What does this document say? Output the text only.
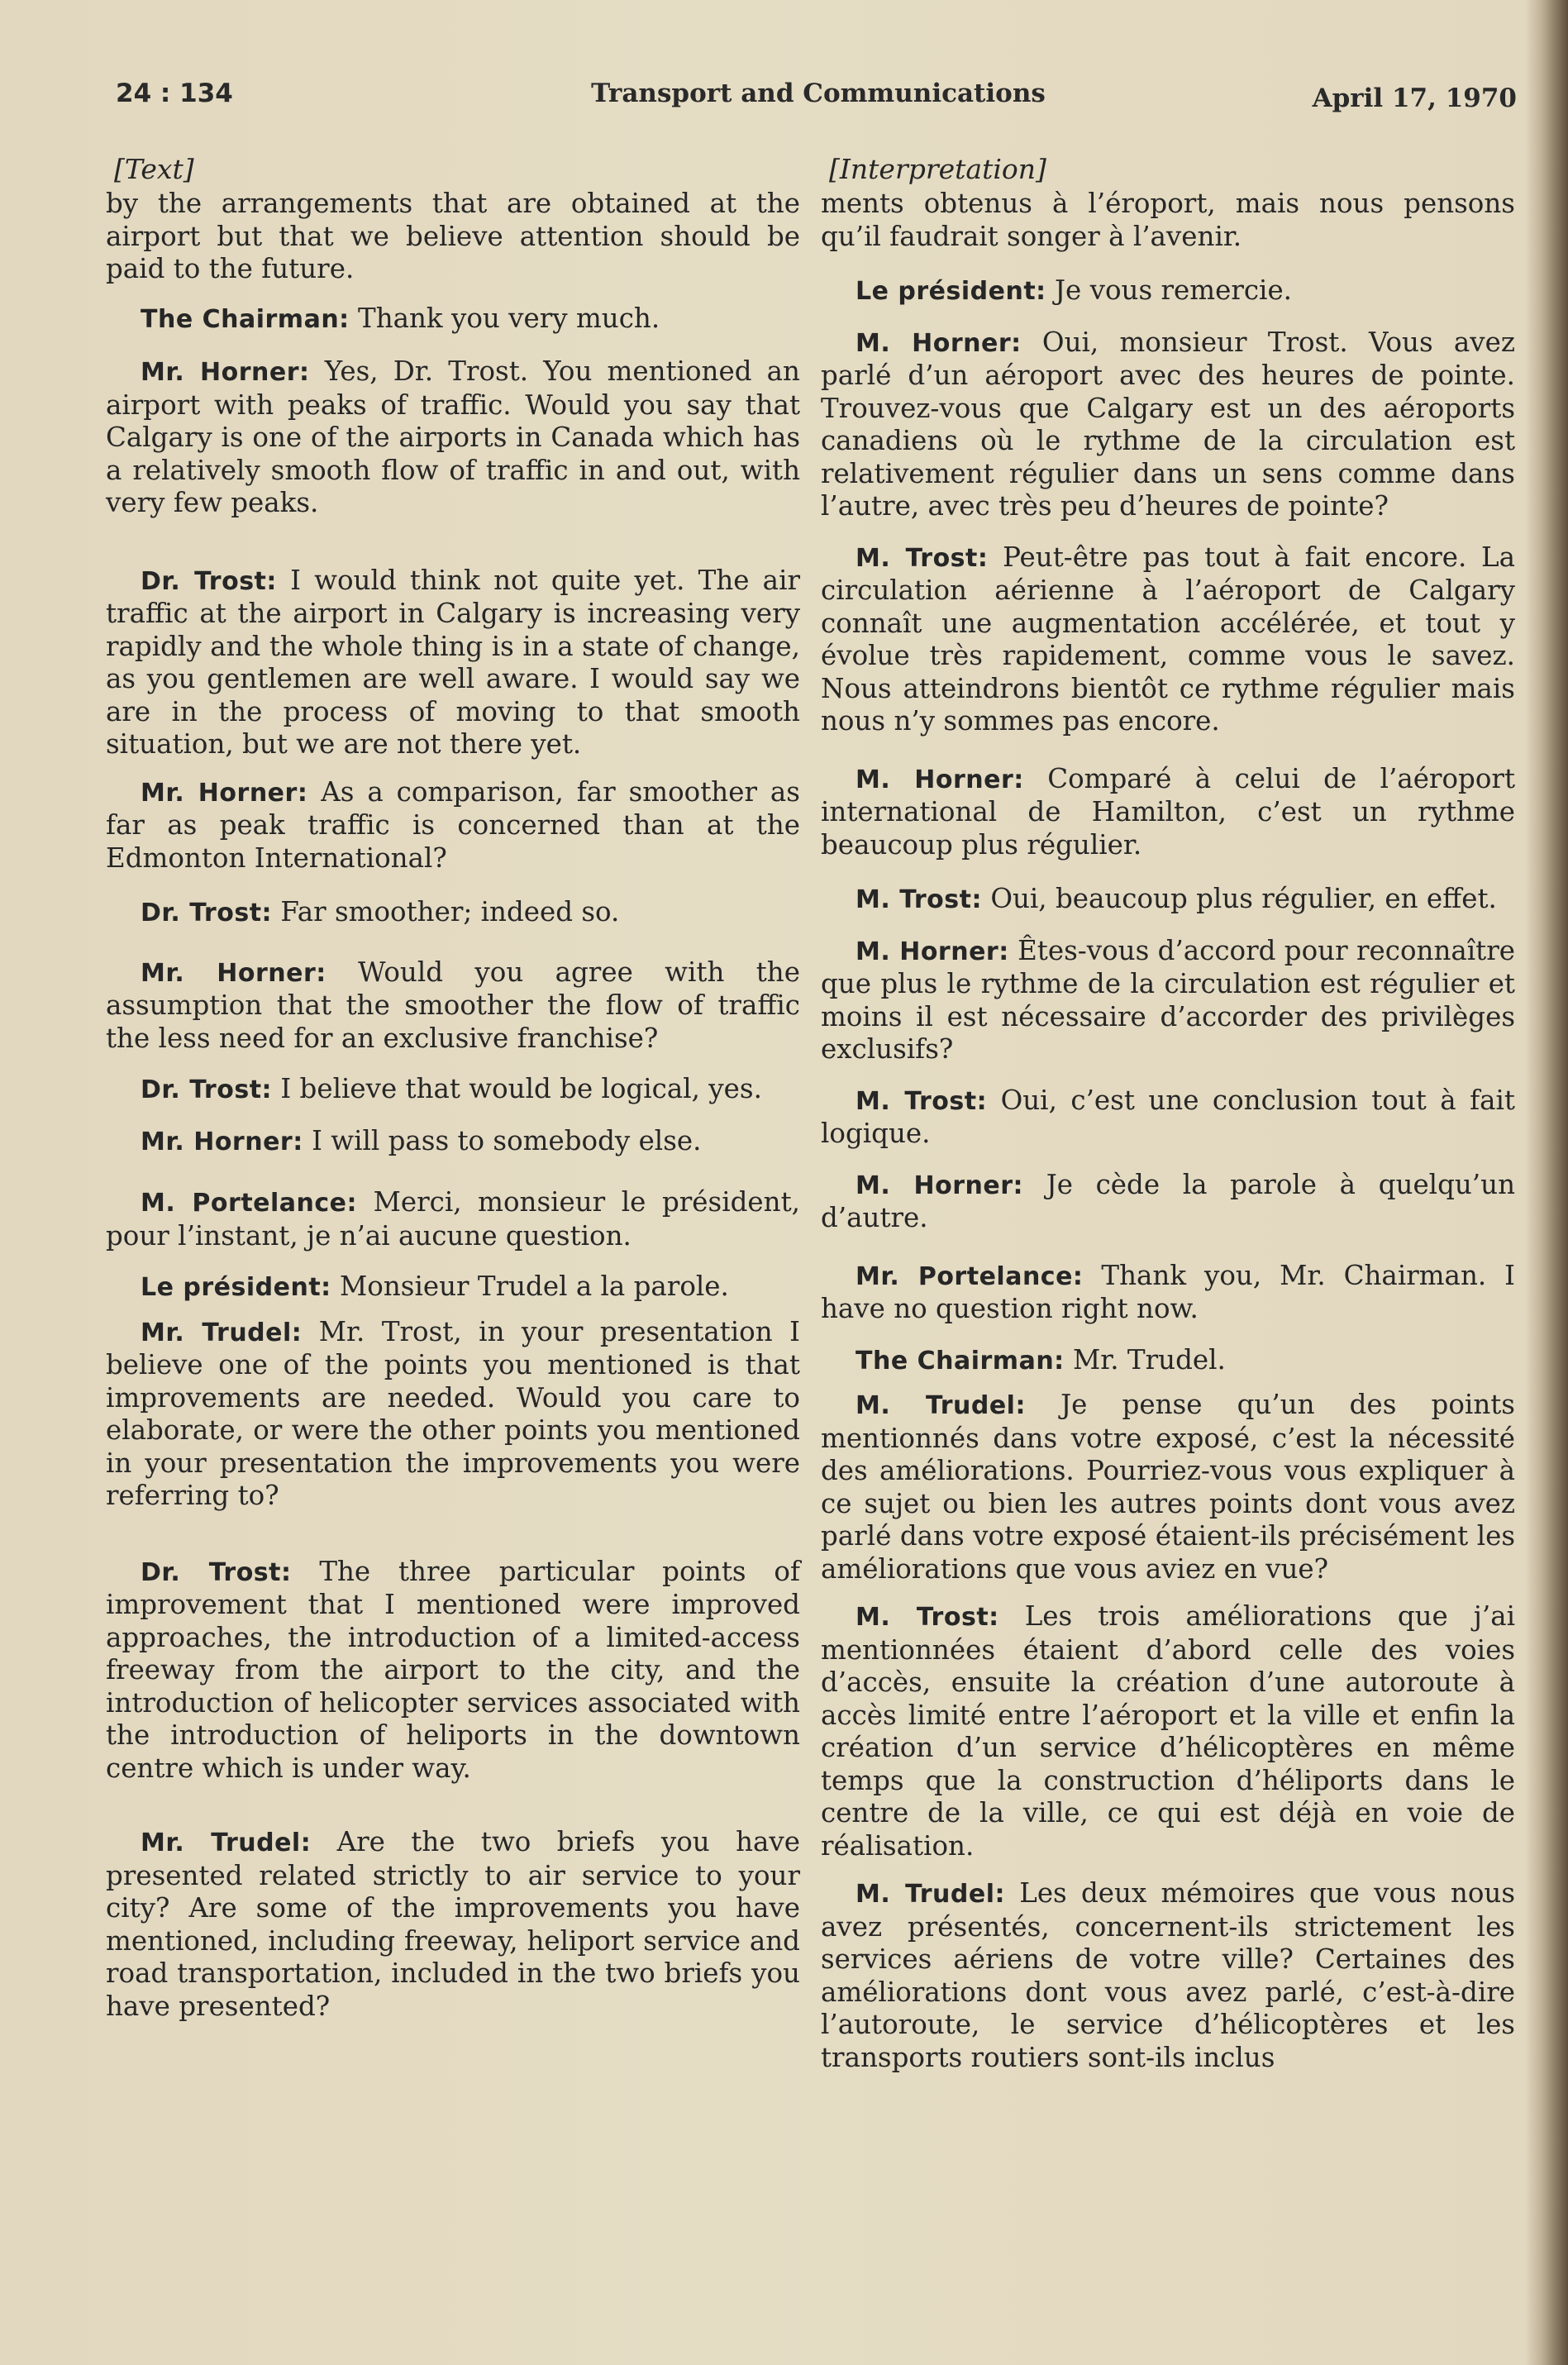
24 : 134	Transport and Communications	April 17, 1970
[Text]

by the arrangements that are obtained at the airport but that we believe attention should be paid to the future.

The Chairman: Thank you very much.

Mr. Horner: Yes, Dr. Trost. You mentioned an airport with peaks of traffic. Would you say that Calgary is one of the airports in Canada which has a relatively smooth flow of traffic in and out, with very few peaks.

Dr. Trost: I would think not quite yet. The air traffic at the airport in Calgary is increasing very rapidly and the whole thing is in a state of change, as you gentlemen are well aware. I would say we are in the process of moving to that smooth situation, but we are not there yet.

Mr. Horner: As a comparison, far smoother as far as peak traffic is concerned than at the Edmonton International?

Dr. Trost: Far smoother; indeed so.

Mr. Horner: Would you agree with the assumption that the smoother the flow of traffic the less need for an exclusive franchise?

Dr. Trost: I believe that would be logical, yes.

Mr. Horner: I will pass to somebody else.

M. Portelance: Merci, monsieur le président, pour l’instant, je n’ai aucune question.

Le président: Monsieur Trudel a la parole.

Mr. Trudel: Mr. Trost, in your presentation I believe one of the points you mentioned is that improvements are needed. Would you care to elaborate, or were the other points you mentioned in your presentation the improvements you were referring to?

Dr. Trost: The three particular points of improvement that I mentioned were improved approaches, the introduction of a limited-access freeway from the airport to the city, and the introduction of helicopter services associated with the introduction of heliports in the downtown centre which is under way.

Mr. Trudel: Are the two briefs you have presented related strictly to air service to your city? Are some of the improvements you have mentioned, including freeway, heliport service and road transportation, included in the two briefs you have presented?

[Interpretation]

ments obtenus à l’éroport, mais nous pensons qu’il faudrait songer à l’avenir.

Le président: Je vous remercie.

M. Horner: Oui, monsieur Trost. Vous avez parlé d’un aéroport avec des heures de pointe. Trouvez-vous que Calgary est un des aéroports canadiens où le rythme de la circulation est relativement régulier dans un sens comme dans l’autre, avec très peu d’heures de pointe?

M. Trost: Peut-être pas tout à fait encore. La circulation aérienne à l’aéroport de Calgary connaît une augmentation accélérée, et tout y évolue très rapidement, comme vous le savez. Nous atteindrons bientôt ce rythme régulier mais nous n’y sommes pas encore.

M. Horner: Comparé à celui de l’aéroport international de Hamilton, c’est un rythme beaucoup plus régulier.

M. Trost: Oui, beaucoup plus régulier, en effet.

M. Horner: Êtes-vous d’accord pour reconnaître que plus le rythme de la circulation est régulier et moins il est nécessaire d’accorder des privilèges exclusifs?

M. Trost: Oui, c’est une conclusion tout à fait logique.

M. Horner: Je cède la parole à quelqu’un d’autre.

Mr. Portelance: Thank you, Mr. Chairman. I have no question right now.

The Chairman: Mr. Trudel.

M. Trudel: Je pense qu’un des points mentionnés dans votre exposé, c’est la nécessité des améliorations. Pourriez-vous vous expliquer à ce sujet ou bien les autres points dont vous avez parlé dans votre exposé étaient-ils précisément les améliorations que vous aviez en vue?

M. Trost: Les trois améliorations que j’ai mentionnées étaient d’abord celle des voies d’accès, ensuite la création d’une autoroute à accès limité entre l’aéroport et la ville et enfin la création d’un service d’hélicoptères en même temps que la construction d’héliports dans le centre de la ville, ce qui est déjà en voie de réalisation.

M. Trudel: Les deux mémoires que vous nous avez présentés, concernent-ils strictement les services aériens de votre ville? Certaines des améliorations dont vous avez parlé, c’est-à-dire l’autoroute, le service d’hélicoptères et les transports routiers sont-ils inclus
